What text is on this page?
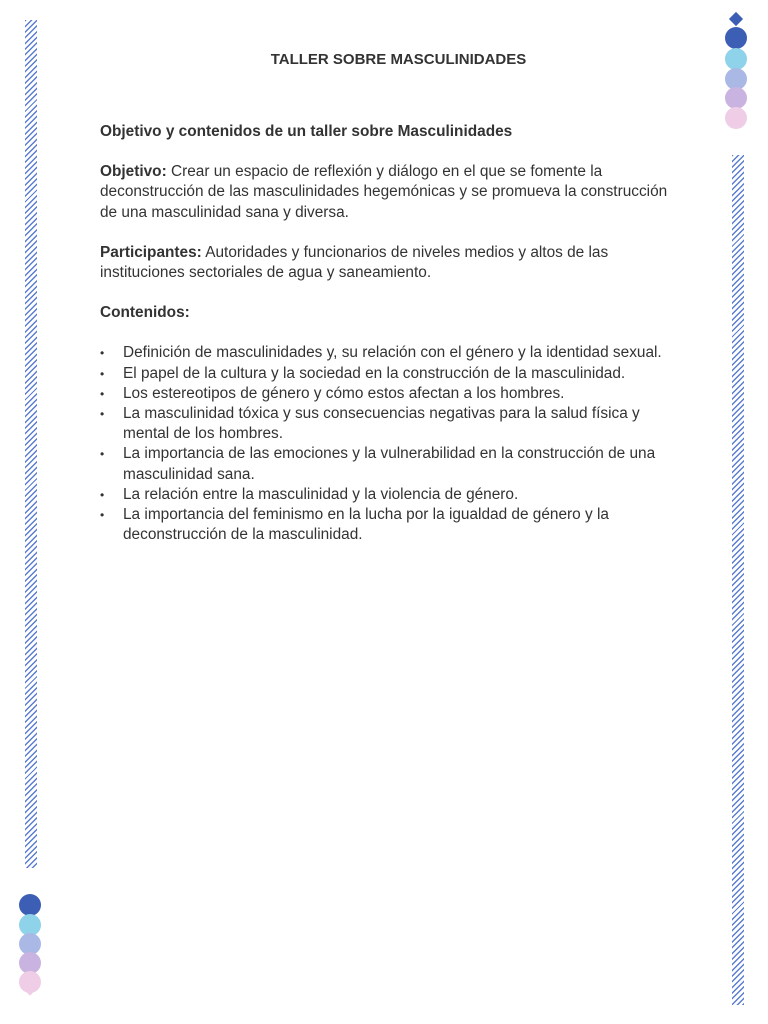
TALLER SOBRE MASCULINIDADES

Objetivo y contenidos de un taller sobre Masculinidades

Objetivo: Crear un espacio de reflexión y diálogo en el que se fomente la deconstrucción de las masculinidades hegemónicas y se promueva la construcción de una masculinidad sana y diversa.

Participantes: Autoridades y funcionarios de niveles medios y altos de las instituciones sectoriales de agua y saneamiento.

Contenidos:

• Definición de masculinidades y, su relación con el género y la identidad sexual.
• El papel de la cultura y la sociedad en la construcción de la masculinidad.
• Los estereotipos de género y cómo estos afectan a los hombres.
• La masculinidad tóxica y sus consecuencias negativas para la salud física y mental de los hombres.
• La importancia de las emociones y la vulnerabilidad en la construcción de una masculinidad sana.
• La relación entre la masculinidad y la violencia de género.
• La importancia del feminismo en la lucha por la igualdad de género y la deconstrucción de la masculinidad.
